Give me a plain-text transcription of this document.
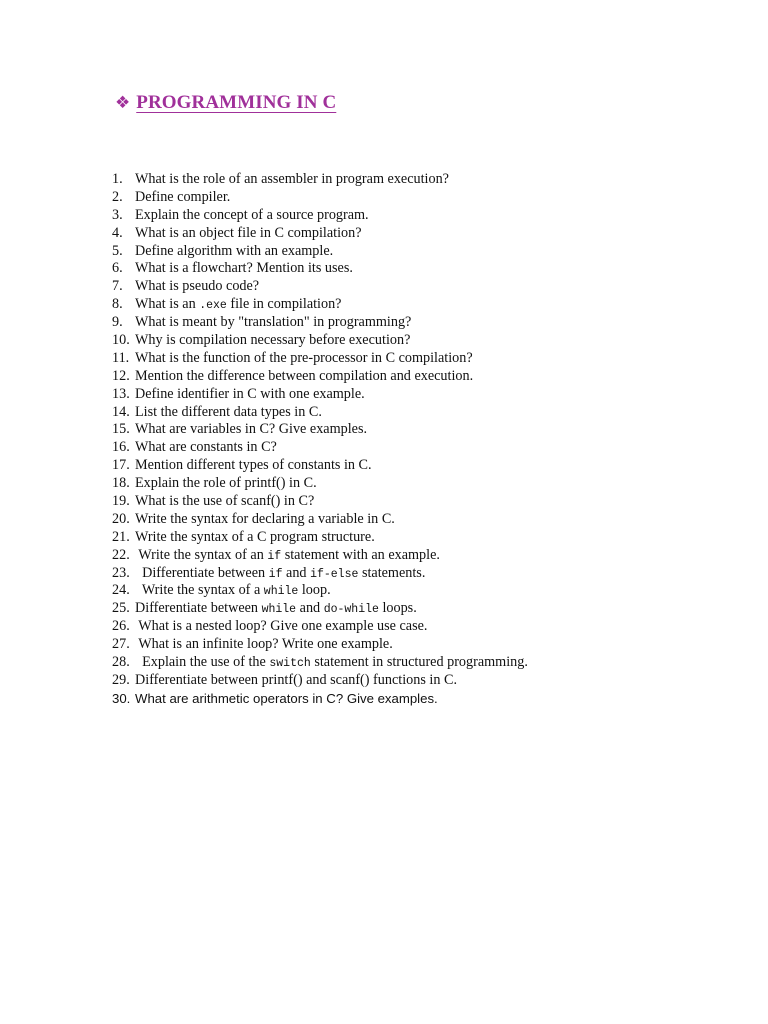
❖ PROGRAMMING IN C
1. What is the role of an assembler in program execution?
2. Define compiler.
3. Explain the concept of a source program.
4. What is an object file in C compilation?
5. Define algorithm with an example.
6. What is a flowchart? Mention its uses.
7. What is pseudo code?
8. What is an .exe file in compilation?
9. What is meant by "translation" in programming?
10. Why is compilation necessary before execution?
11. What is the function of the pre-processor in C compilation?
12. Mention the difference between compilation and execution.
13. Define identifier in C with one example.
14. List the different data types in C.
15. What are variables in C? Give examples.
16. What are constants in C?
17. Mention different types of constants in C.
18. Explain the role of printf() in C.
19. What is the use of scanf() in C?
20. Write the syntax for declaring a variable in C.
21. Write the syntax of a C program structure.
22. Write the syntax of an if statement with an example.
23.  Differentiate between if and if-else statements.
24.  Write the syntax of a while loop.
25. Differentiate between while and do-while loops.
26. What is a nested loop? Give one example use case.
27. What is an infinite loop? Write one example.
28.  Explain the use of the switch statement in structured programming.
29. Differentiate between printf() and scanf() functions in C.
30. What are arithmetic operators in C? Give examples.
